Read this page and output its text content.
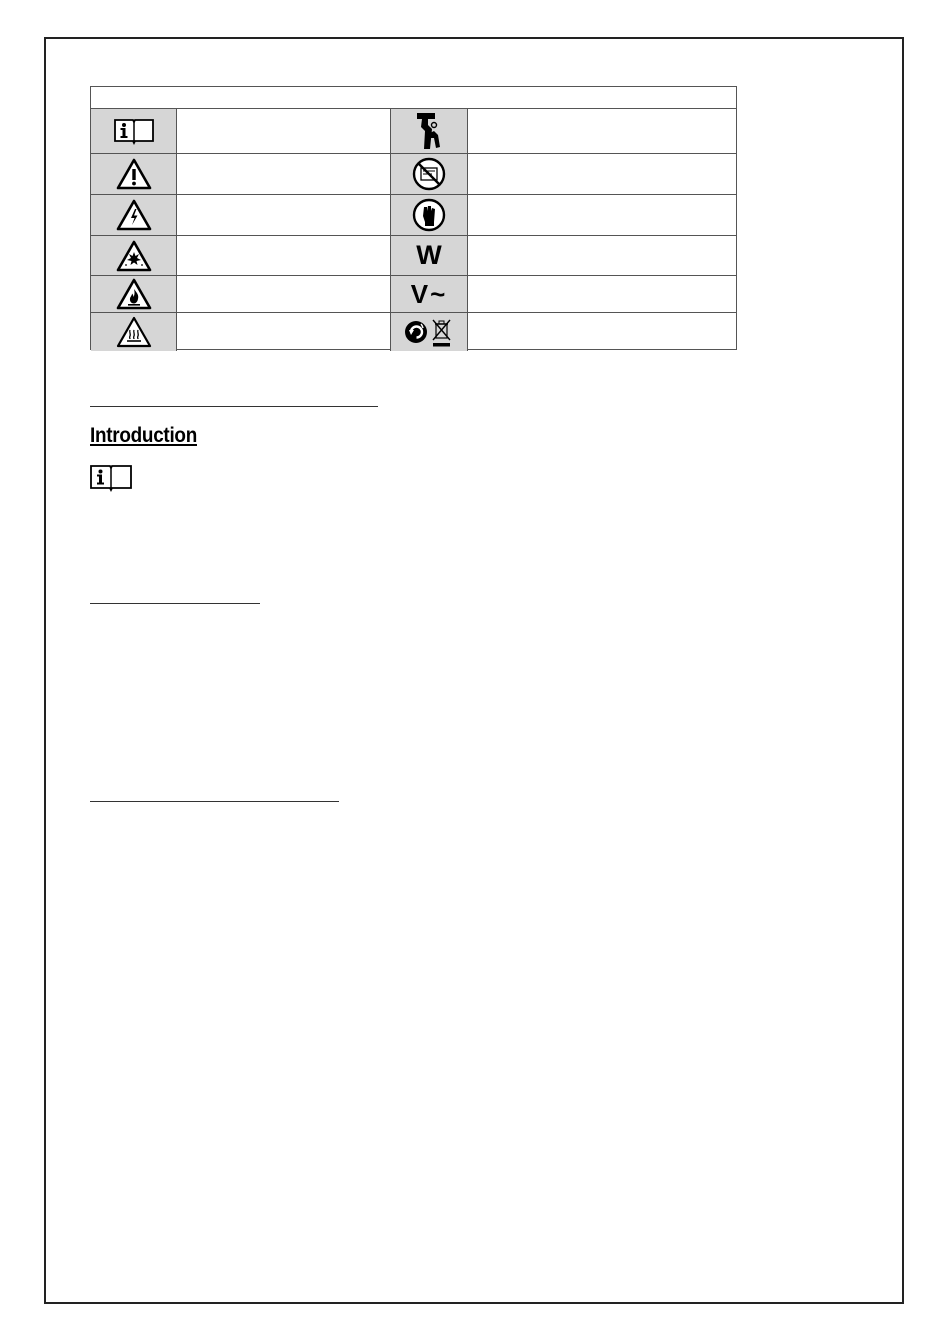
W
V~
Introduction
